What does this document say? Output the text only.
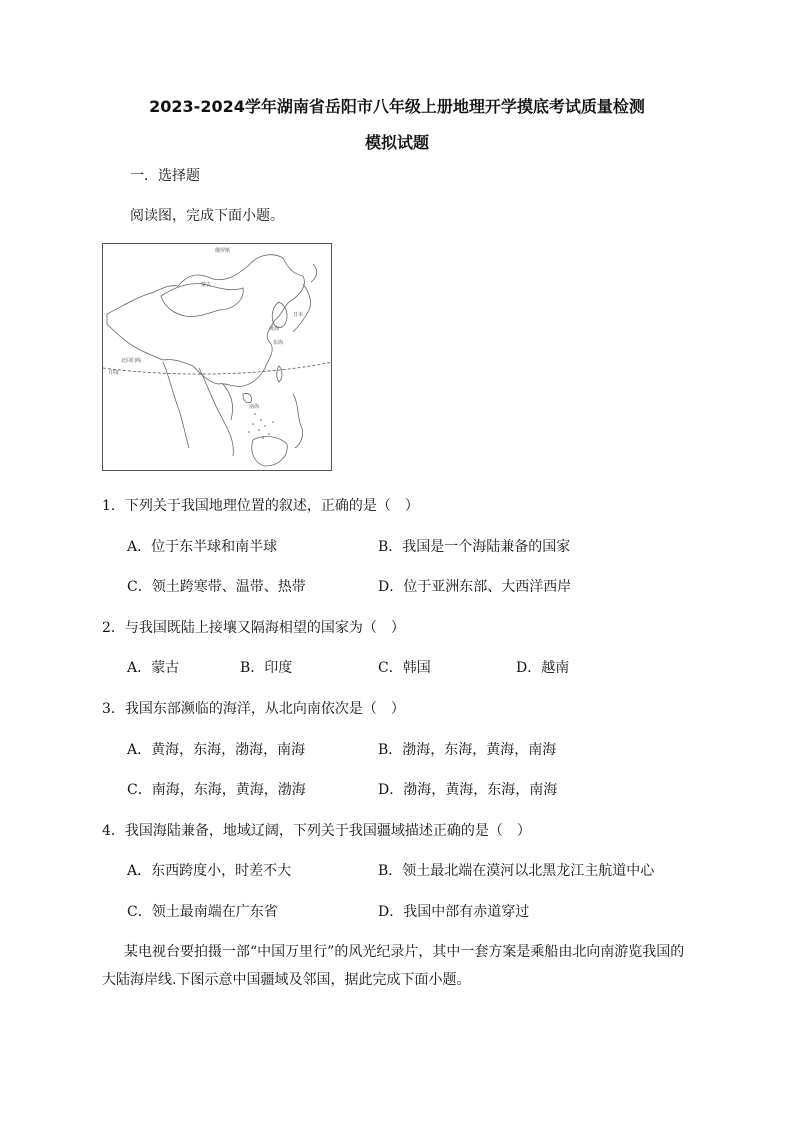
2023-2024学年湖南省岳阳市八年级上册地理开学摸底考试质量检测
模拟试题
一．选择题
阅读图，完成下面小题。
俄罗斯
蒙古
黄海
东海
日本
北回归线
印度
南海
1．下列关于我国地理位置的叙述，正确的是（　）
A．位于东半球和南半球	B．我国是一个海陆兼备的国家
C．领土跨寒带、温带、热带	D．位于亚洲东部、大西洋西岸
2．与我国既陆上接壤又隔海相望的国家为（　）
A．蒙古	B．印度	C．韩国	D．越南
3．我国东部濒临的海洋，从北向南依次是（　）
A．黄海，东海，渤海，南海	B．渤海，东海，黄海，南海
C．南海，东海，黄海，渤海	D．渤海，黄海，东海，南海
4．我国海陆兼备，地域辽阔，下列关于我国疆域描述正确的是（　）
A．东西跨度小，时差不大	B．领土最北端在漠河以北黑龙江主航道中心
C．领土最南端在广东省	D．我国中部有赤道穿过
　某电视台要拍摄一部“中国万里行”的风光纪录片，其中一套方案是乘船由北向南游览我国的
大陆海岸线.下图示意中国疆域及邻国，据此完成下面小题。
